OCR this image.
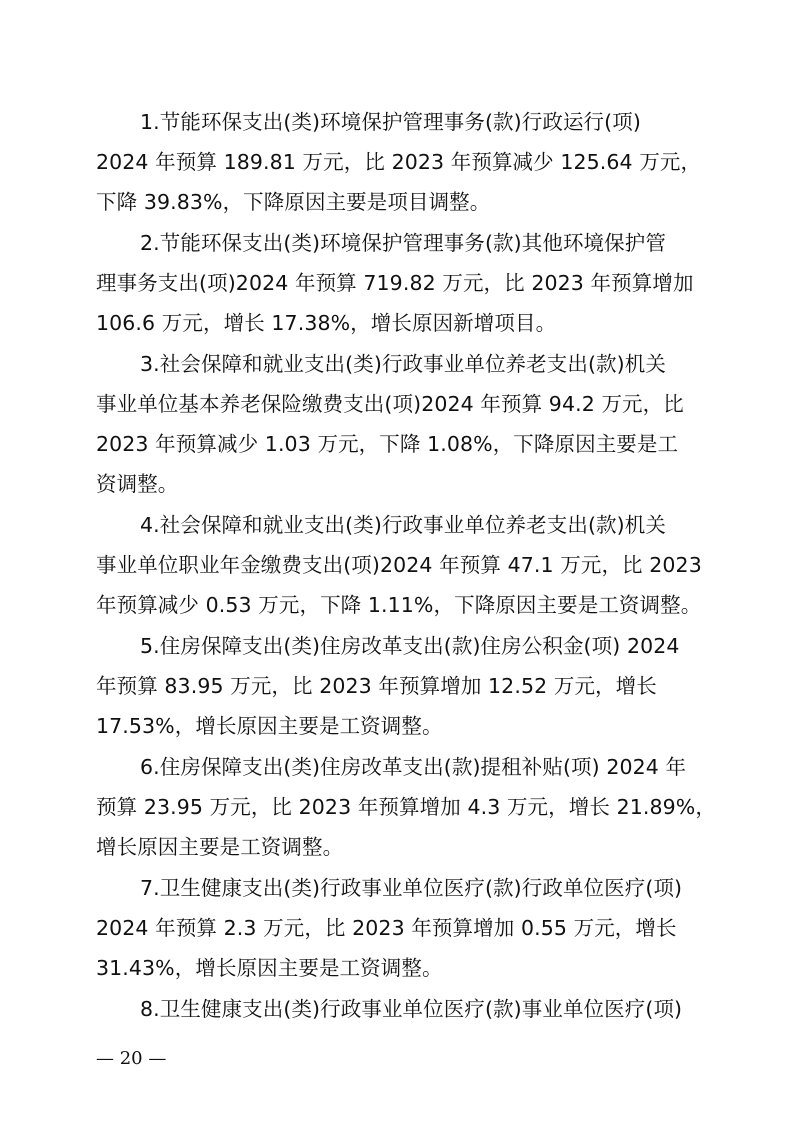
1.节能环保支出(类)环境保护管理事务(款)行政运行(项)
2024 年预算 189.81 万元，比 2023 年预算减少 125.64 万元，
下降 39.83%，下降原因主要是项目调整。
2.节能环保支出(类)环境保护管理事务(款)其他环境保护管
理事务支出(项)2024 年预算 719.82 万元，比 2023 年预算增加
106.6 万元，增长 17.38%，增长原因新增项目。
3.社会保障和就业支出(类)行政事业单位养老支出(款)机关
事业单位基本养老保险缴费支出(项)2024 年预算 94.2 万元，比
2023 年预算减少 1.03 万元，下降 1.08%，下降原因主要是工
资调整。
4.社会保障和就业支出(类)行政事业单位养老支出(款)机关
事业单位职业年金缴费支出(项)2024 年预算 47.1 万元，比 2023
年预算减少 0.53 万元，下降 1.11%，下降原因主要是工资调整。
5.住房保障支出(类)住房改革支出(款)住房公积金(项) 2024
年预算 83.95 万元，比 2023 年预算增加 12.52 万元，增长
17.53%，增长原因主要是工资调整。
6.住房保障支出(类)住房改革支出(款)提租补贴(项) 2024 年
预算 23.95 万元，比 2023 年预算增加 4.3 万元，增长 21.89%，
增长原因主要是工资调整。
7.卫生健康支出(类)行政事业单位医疗(款)行政单位医疗(项)
2024 年预算 2.3 万元，比 2023 年预算增加 0.55 万元，增长
31.43%，增长原因主要是工资调整。
8.卫生健康支出(类)行政事业单位医疗(款)事业单位医疗(项)
— 20 —
